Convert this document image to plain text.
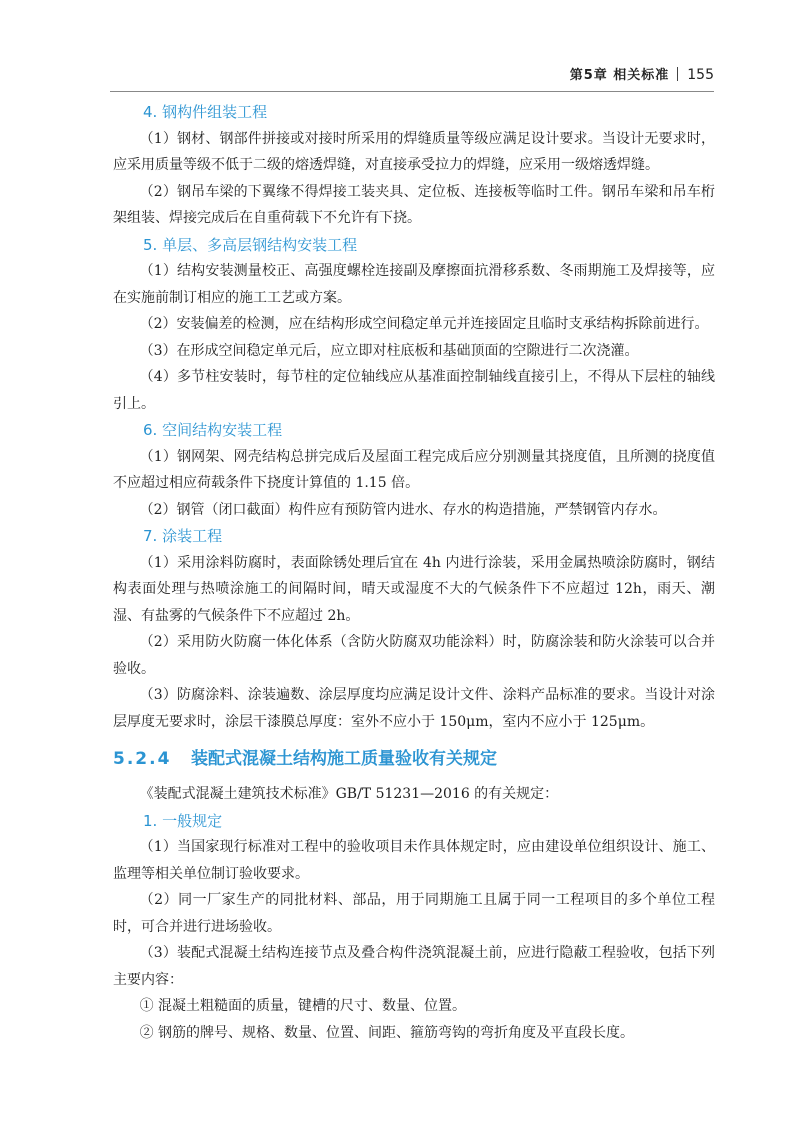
第5章 相关标准 155
4. 钢构件组装工程

（1）钢材、钢部件拼接或对接时所采用的焊缝质量等级应满足设计要求。当设计无要求时，应采用质量等级不低于二级的熔透焊缝，对直接承受拉力的焊缝，应采用一级熔透焊缝。

（2）钢吊车梁的下翼缘不得焊接工装夹具、定位板、连接板等临时工件。钢吊车梁和吊车桁架组装、焊接完成后在自重荷载下不允许有下挠。

5. 单层、多高层钢结构安装工程

（1）结构安装测量校正、高强度螺栓连接副及摩擦面抗滑移系数、冬雨期施工及焊接等，应在实施前制订相应的施工工艺或方案。

（2）安装偏差的检测，应在结构形成空间稳定单元并连接固定且临时支承结构拆除前进行。

（3）在形成空间稳定单元后，应立即对柱底板和基础顶面的空隙进行二次浇灌。

（4）多节柱安装时，每节柱的定位轴线应从基准面控制轴线直接引上，不得从下层柱的轴线引上。

6. 空间结构安装工程

（1）钢网架、网壳结构总拼完成后及屋面工程完成后应分别测量其挠度值，且所测的挠度值不应超过相应荷载条件下挠度计算值的 1.15 倍。

（2）钢管（闭口截面）构件应有预防管内进水、存水的构造措施，严禁钢管内存水。

7. 涂装工程

（1）采用涂料防腐时，表面除锈处理后宜在 4h 内进行涂装，采用金属热喷涂防腐时，钢结构表面处理与热喷涂施工的间隔时间，晴天或湿度不大的气候条件下不应超过 12h，雨天、潮湿、有盐雾的气候条件下不应超过 2h。

（2）采用防火防腐一体化体系（含防火防腐双功能涂料）时，防腐涂装和防火涂装可以合并验收。

（3）防腐涂料、涂装遍数、涂层厚度均应满足设计文件、涂料产品标准的要求。当设计对涂层厚度无要求时，涂层干漆膜总厚度：室外不应小于 150μm，室内不应小于 125μm。

5.2.4 装配式混凝土结构施工质量验收有关规定

《装配式混凝土建筑技术标准》GB/T 51231—2016 的有关规定：

1. 一般规定

（1）当国家现行标准对工程中的验收项目未作具体规定时，应由建设单位组织设计、施工、监理等相关单位制订验收要求。

（2）同一厂家生产的同批材料、部品，用于同期施工且属于同一工程项目的多个单位工程时，可合并进行进场验收。

（3）装配式混凝土结构连接节点及叠合构件浇筑混凝土前，应进行隐蔽工程验收，包括下列主要内容：

① 混凝土粗糙面的质量，键槽的尺寸、数量、位置。

② 钢筋的牌号、规格、数量、位置、间距、箍筋弯钩的弯折角度及平直段长度。
